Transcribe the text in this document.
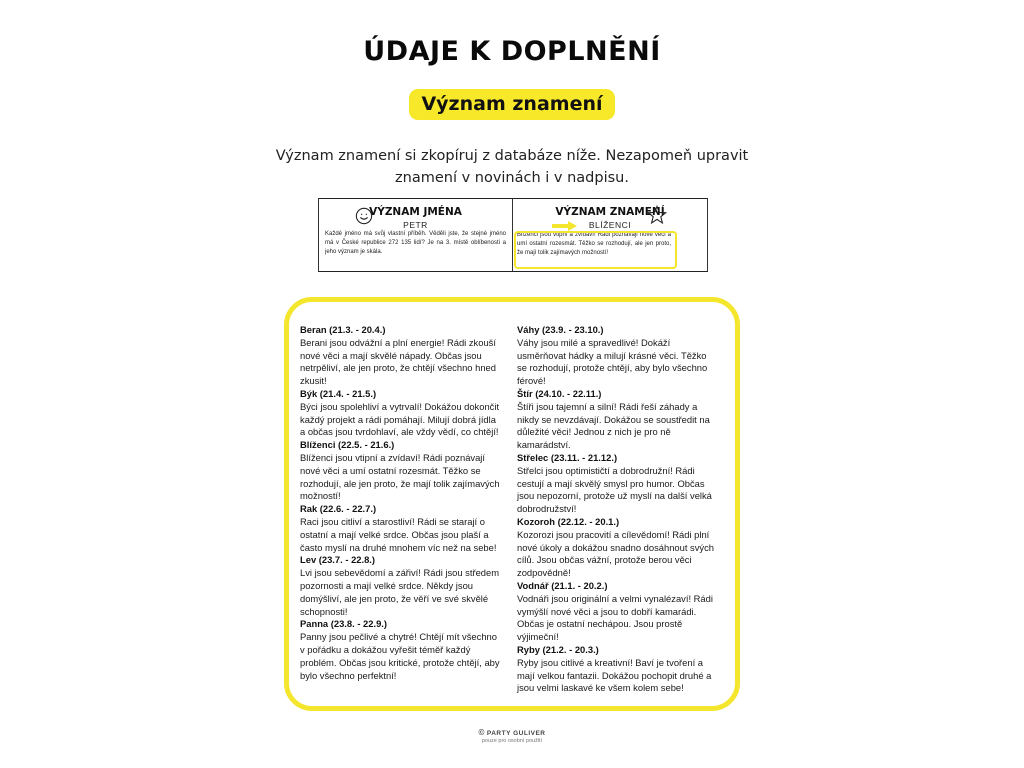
ÚDAJE K DOPLNĚNÍ
Význam znamení
Význam znamení si zkopíruj z databáze níže. Nezapomeň upravit znamení v novinách i v nadpisu.
VÝZNAM JMÉNA
PETR
Každé jméno má svůj vlastní příběh. Věděli jste, že stejné jméno má v České republice 272 135 lidí? Je na 3. místě oblíbenosti a jeho význam je skála.
VÝZNAM ZNAMENÍ
BLÍŽENCI
Blíženci jsou vtipní a zvídaví! Rádi poznávají nové věci a umí ostatní rozesmát. Těžko se rozhodují, ale jen proto, že mají tolik zajímavých možností!
Beran (21.3. - 20.4.)
Berani jsou odvážní a plní energie! Rádi zkouší nové věci a mají skvělé nápady. Občas jsou netrpěliví, ale jen proto, že chtějí všechno hned zkusit!
Býk (21.4. - 21.5.)
Býci jsou spolehliví a vytrvalí! Dokážou dokončit každý projekt a rádi pomáhají. Milují dobrá jídla a občas jsou tvrdohlaví, ale vždy vědí, co chtějí!
Blíženci (22.5. - 21.6.)
Blíženci jsou vtipní a zvídaví! Rádi poznávají nové věci a umí ostatní rozesmát. Těžko se rozhodují, ale jen proto, že mají tolik zajímavých možností!
Rak (22.6. - 22.7.)
Raci jsou citliví a starostliví! Rádi se starají o ostatní a mají velké srdce. Občas jsou plaší a často myslí na druhé mnohem víc než na sebe!
Lev (23.7. - 22.8.)
Lvi jsou sebevědomí a zářiví! Rádi jsou středem pozornosti a mají velké srdce. Někdy jsou domýšliví, ale jen proto, že věří ve své skvělé schopnosti!
Panna (23.8. - 22.9.)
Panny jsou pečlivé a chytré! Chtějí mít všechno v pořádku a dokážou vyřešit téměř každý problém. Občas jsou kritické, protože chtějí, aby bylo všechno perfektní!
Váhy (23.9. - 23.10.)
Váhy jsou milé a spravedlivé! Dokáží usměrňovat hádky a milují krásné věci. Těžko se rozhodují, protože chtějí, aby bylo všechno férové!
Štír (24.10. - 22.11.)
Štíři jsou tajemní a silní! Rádi řeší záhady a nikdy se nevzdávají. Dokážou se soustředit na důležité věci! Jednou z nich je pro ně kamarádství.
Střelec (23.11. - 21.12.)
Střelci jsou optimističtí a dobrodružní! Rádi cestují a mají skvělý smysl pro humor. Občas jsou nepozorní, protože už myslí na další velká dobrodružství!
Kozoroh (22.12. - 20.1.)
Kozorozi jsou pracovití a cílevědomí! Rádi plní nové úkoly a dokážou snadno dosáhnout svých cílů. Jsou občas vážní, protože berou věci zodpovědně!
Vodnář (21.1. - 20.2.)
Vodnáři jsou originální a velmi vynalézaví! Rádi vymýšlí nové věci a jsou to dobří kamarádi. Občas je ostatní nechápou. Jsou prostě výjimeční!
Ryby (21.2. - 20.3.)
Ryby jsou citlivé a kreativní! Baví je tvoření a mají velkou fantazii. Dokážou pochopit druhé a jsou velmi laskavé ke všem kolem sebe!
© PARTY GULIVER
pouze pro osobní použití
